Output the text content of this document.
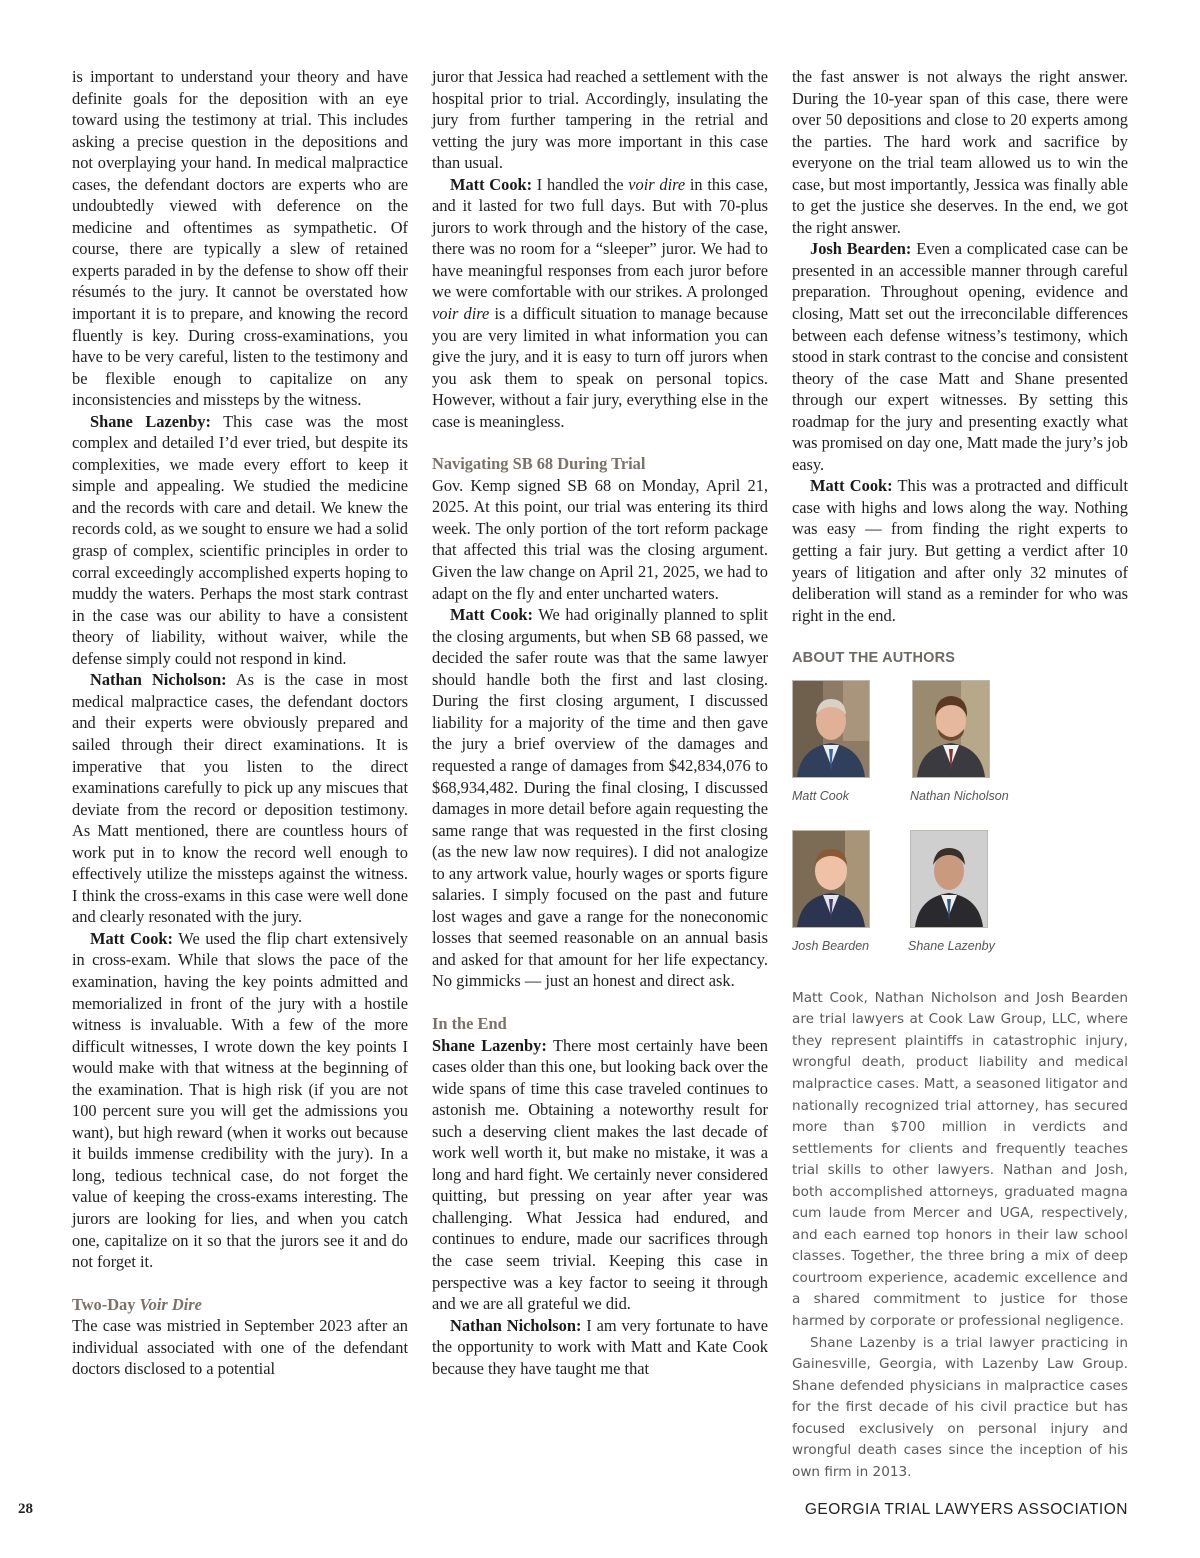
is important to understand your theory and have definite goals for the deposition with an eye toward using the testimony at trial. This includes asking a precise question in the depositions and not overplaying your hand. In medical malpractice cases, the defendant doctors are experts who are undoubtedly viewed with deference on the medicine and oftentimes as sympathetic. Of course, there are typically a slew of retained experts paraded in by the defense to show off their résumés to the jury. It cannot be overstated how important it is to prepare, and knowing the record fluently is key. During cross-examinations, you have to be very careful, listen to the testimony and be flexible enough to capitalize on any inconsistencies and missteps by the witness.

Shane Lazenby: This case was the most complex and detailed I’d ever tried, but despite its complexities, we made every effort to keep it simple and appealing. We studied the medicine and the records with care and detail. We knew the records cold, as we sought to ensure we had a solid grasp of complex, scientific principles in order to corral exceedingly accomplished experts hoping to muddy the waters. Perhaps the most stark contrast in the case was our ability to have a consistent theory of liability, without waiver, while the defense simply could not respond in kind.

Nathan Nicholson: As is the case in most medical malpractice cases, the defendant doctors and their experts were obviously prepared and sailed through their direct examinations. It is imperative that you listen to the direct examinations carefully to pick up any miscues that deviate from the record or deposition testimony. As Matt mentioned, there are countless hours of work put in to know the record well enough to effectively utilize the missteps against the witness. I think the cross-exams in this case were well done and clearly resonated with the jury.

Matt Cook: We used the flip chart extensively in cross-exam. While that slows the pace of the examination, having the key points admitted and memorialized in front of the jury with a hostile witness is invaluable. With a few of the more difficult witnesses, I wrote down the key points I would make with that witness at the beginning of the examination. That is high risk (if you are not 100 percent sure you will get the admissions you want), but high reward (when it works out because it builds immense credibility with the jury). In a long, tedious technical case, do not forget the value of keeping the cross-exams interesting. The jurors are looking for lies, and when you catch one, capitalize on it so that the jurors see it and do not forget it.

Two-Day Voir Dire

The case was mistried in September 2023 after an individual associated with one of the defendant doctors disclosed to a potential

juror that Jessica had reached a settlement with the hospital prior to trial. Accordingly, insulating the jury from further tampering in the retrial and vetting the jury was more important in this case than usual.

Matt Cook: I handled the voir dire in this case, and it lasted for two full days. But with 70-plus jurors to work through and the history of the case, there was no room for a “sleeper” juror. We had to have meaningful responses from each juror before we were comfortable with our strikes. A prolonged voir dire is a difficult situation to manage because you are very limited in what information you can give the jury, and it is easy to turn off jurors when you ask them to speak on personal topics. However, without a fair jury, everything else in the case is meaningless.

Navigating SB 68 During Trial

Gov. Kemp signed SB 68 on Monday, April 21, 2025. At this point, our trial was entering its third week. The only portion of the tort reform package that affected this trial was the closing argument. Given the law change on April 21, 2025, we had to adapt on the fly and enter uncharted waters.

Matt Cook: We had originally planned to split the closing arguments, but when SB 68 passed, we decided the safer route was that the same lawyer should handle both the first and last closing. During the first closing argument, I discussed liability for a majority of the time and then gave the jury a brief overview of the damages and requested a range of damages from $42,834,076 to $68,934,482. During the final closing, I discussed damages in more detail before again requesting the same range that was requested in the first closing (as the new law now requires). I did not analogize to any artwork value, hourly wages or sports figure salaries. I simply focused on the past and future lost wages and gave a range for the noneconomic losses that seemed reasonable on an annual basis and asked for that amount for her life expectancy. No gimmicks — just an honest and direct ask.

In the End

Shane Lazenby: There most certainly have been cases older than this one, but looking back over the wide spans of time this case traveled continues to astonish me. Obtaining a noteworthy result for such a deserving client makes the last decade of work well worth it, but make no mistake, it was a long and hard fight. We certainly never considered quitting, but pressing on year after year was challenging. What Jessica had endured, and continues to endure, made our sacrifices through the case seem trivial. Keeping this case in perspective was a key factor to seeing it through and we are all grateful we did.

Nathan Nicholson: I am very fortunate to have the opportunity to work with Matt and Kate Cook because they have taught me that

the fast answer is not always the right answer. During the 10-year span of this case, there were over 50 depositions and close to 20 experts among the parties. The hard work and sacrifice by everyone on the trial team allowed us to win the case, but most importantly, Jessica was finally able to get the justice she deserves. In the end, we got the right answer.

Josh Bearden: Even a complicated case can be presented in an accessible manner through careful preparation. Throughout opening, evidence and closing, Matt set out the irreconcilable differences between each defense witness’s testimony, which stood in stark contrast to the concise and consistent theory of the case Matt and Shane presented through our expert witnesses. By setting this roadmap for the jury and presenting exactly what was promised on day one, Matt made the jury’s job easy.

Matt Cook: This was a protracted and difficult case with highs and lows along the way. Nothing was easy — from finding the right experts to getting a fair jury. But getting a verdict after 10 years of litigation and after only 32 minutes of deliberation will stand as a reminder for who was right in the end.

ABOUT THE AUTHORS
Matt Cook	Nathan Nicholson
Josh Bearden	Shane Lazenby

Matt Cook, Nathan Nicholson and Josh Bearden are trial lawyers at Cook Law Group, LLC, where they represent plaintiffs in catastrophic injury, wrongful death, product liability and medical malpractice cases. Matt, a seasoned litigator and nationally recognized trial attorney, has secured more than $700 million in verdicts and settlements for clients and frequently teaches trial skills to other lawyers. Nathan and Josh, both accomplished attorneys, graduated magna cum laude from Mercer and UGA, respectively, and each earned top honors in their law school classes. Together, the three bring a mix of deep courtroom experience, academic excellence and a shared commitment to justice for those harmed by corporate or professional negligence.

Shane Lazenby is a trial lawyer practicing in Gainesville, Georgia, with Lazenby Law Group. Shane defended physicians in malpractice cases for the first decade of his civil practice but has focused exclusively on personal injury and wrongful death cases since the inception of his own firm in 2013.

28	GEORGIA TRIAL LAWYERS ASSOCIATION
